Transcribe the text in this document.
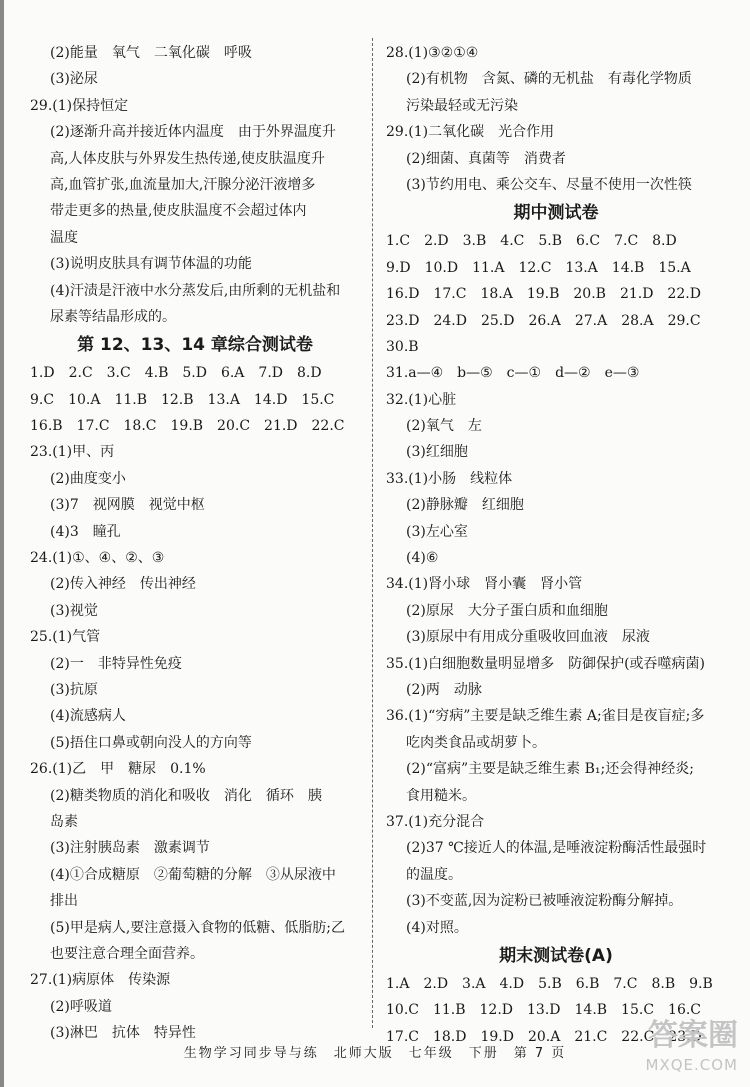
(2)能量　氧气　二氧化碳　呼吸
(3)泌尿
29.(1)保持恒定
(2)逐渐升高并接近体内温度　由于外界温度升
高,人体皮肤与外界发生热传递,使皮肤温度升
高,血管扩张,血流量加大,汗腺分泌汗液增多
带走更多的热量,使皮肤温度不会超过体内
温度
(3)说明皮肤具有调节体温的功能
(4)汗渍是汗液中水分蒸发后,由所剩的无机盐和
尿素等结晶形成的。
第 12、13、14 章综合测试卷
1.D　2.C　3.C　4.B　5.D　6.A　7.D　8.D
9.C　10.A　11.B　12.B　13.A　14.D　15.C
16.B　17.C　18.C　19.B　20.C　21.D　22.C
23.(1)甲、丙
(2)曲度变小
(3)7　视网膜　视觉中枢
(4)3　瞳孔
24.(1)①、④、②、③
(2)传入神经　传出神经
(3)视觉
25.(1)气管
(2)一　非特异性免疫
(3)抗原
(4)流感病人
(5)捂住口鼻或朝向没人的方向等
26.(1)乙　甲　糖尿　0.1%
(2)糖类物质的消化和吸收　消化　循环　胰
岛素
(3)注射胰岛素　激素调节
(4)①合成糖原　②葡萄糖的分解　③从尿液中
排出
(5)甲是病人,要注意摄入食物的低糖、低脂肪;乙
也要注意合理全面营养。
27.(1)病原体　传染源
(2)呼吸道
(3)淋巴　抗体　特异性
28.(1)③②①④
(2)有机物　含氮、磷的无机盐　有毒化学物质
污染最轻或无污染
29.(1)二氧化碳　光合作用
(2)细菌、真菌等　消费者
(3)节约用电、乘公交车、尽量不使用一次性筷
期中测试卷
1.C　2.D　3.B　4.C　5.B　6.C　7.C　8.D
9.D　10.D　11.A　12.C　13.A　14.B　15.A
16.D　17.C　18.A　19.B　20.B　21.D　22.D
23.D　24.D　25.D　26.A　27.A　28.A　29.C
30.B
31.a—④　b—⑤　c—①　d—②　e—③
32.(1)心脏
(2)氧气　左
(3)红细胞
33.(1)小肠　线粒体
(2)静脉瓣　红细胞
(3)左心室
(4)⑥
34.(1)肾小球　肾小囊　肾小管
(2)原尿　大分子蛋白质和血细胞
(3)原尿中有用成分重吸收回血液　尿液
35.(1)白细胞数量明显增多　防御保护(或吞噬病菌)
(2)两　动脉
36.(1)“穷病”主要是缺乏维生素 A;雀目是夜盲症;多
吃肉类食品或胡萝卜。
(2)“富病”主要是缺乏维生素 B₁;还会得神经炎;
食用糙米。
37.(1)充分混合
(2)37 ℃接近人的体温,是唾液淀粉酶活性最强时
的温度。
(3)不变蓝,因为淀粉已被唾液淀粉酶分解掉。
(4)对照。
期末测试卷(A)
1.A　2.D　3.A　4.D　5.B　6.B　7.C　8.B　9.B
10.C　11.B　12.D　13.D　14.B　15.C　16.C
17.C　18.D　19.D　20.A　21.C　22.C　23.D
生物学习同步导与练　北师大版　七年级　下册　第 7 页
答案圈
MXQE.COM
